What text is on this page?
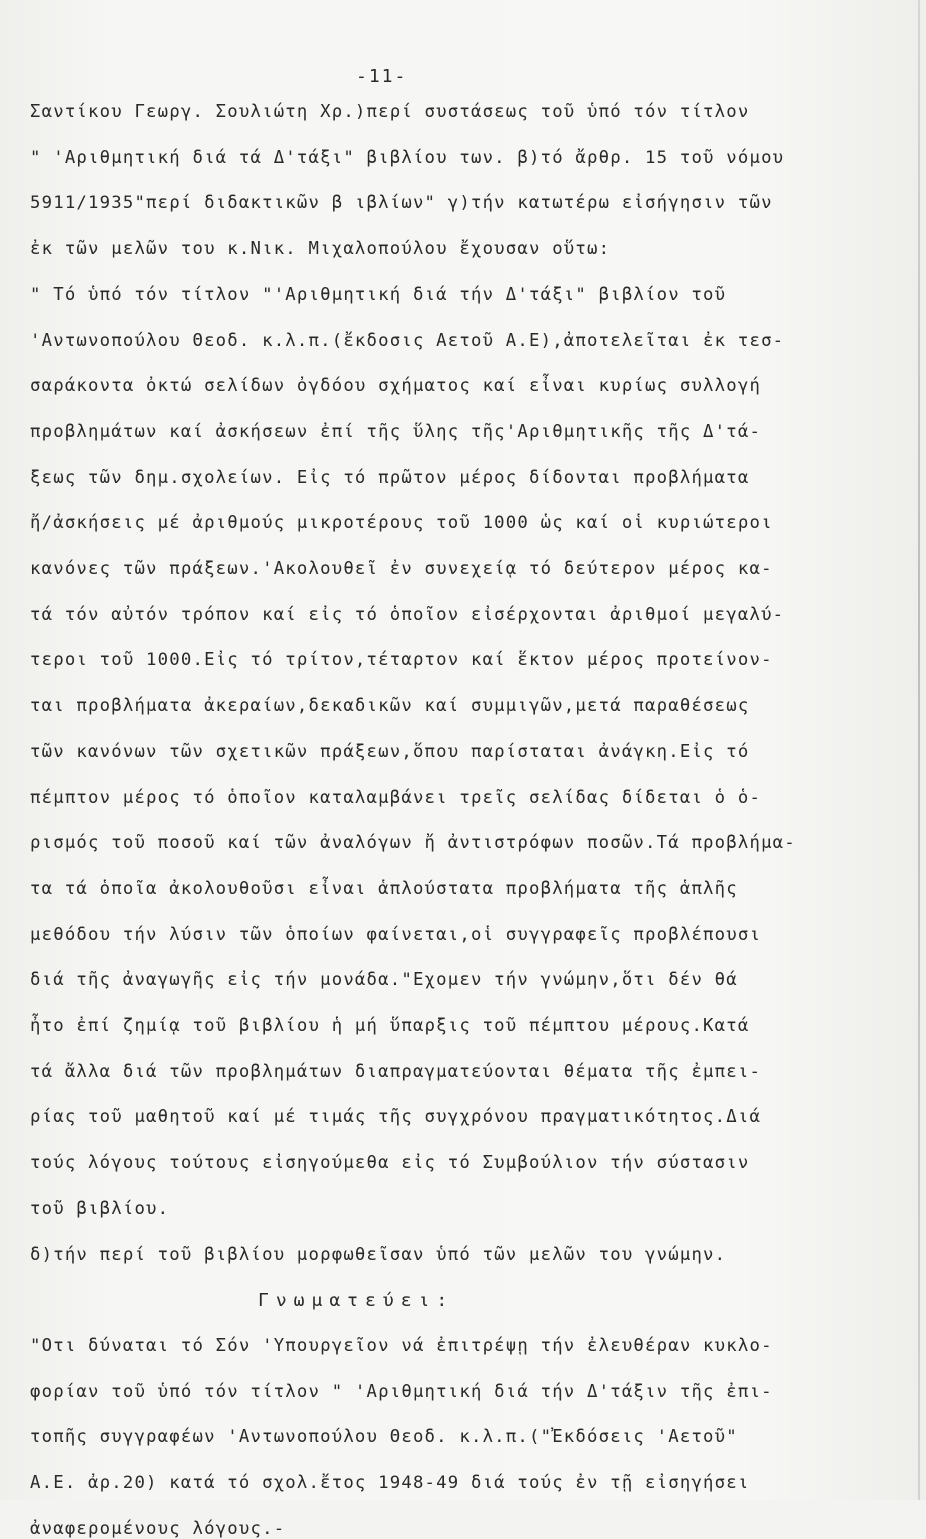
-11-
Σαντίκου Γεωργ. Σουλιώτη Χρ.)περί συστάσεως τοῦ ὑπό τόν τίτλον
" 'Αριθμητική διά τά Δ'τάξι" βιβλίου των. β)τό ἄρθρ. 15 τοῦ νόμου
5911/1935"περί διδακτικῶν β ιβλίων" γ)τήν κατωτέρω εἰσήγησιν τῶν
ἐκ τῶν μελῶν του κ.Νικ. Μιχαλοπούλου ἔχουσαν οὕτω:
" Τό ὑπό τόν τίτλον "'Αριθμητική διά τήν Δ'τάξι" βιβλίον τοῦ
'Αντωνοπούλου Θεοδ. κ.λ.π.(ἔκδοσις Αετοῦ Α.Ε),ἀποτελεῖται ἐκ τεσ-
σαράκοντα ὀκτώ σελίδων ὀγδόου σχήματος καί εἶναι κυρίως συλλογή
προβλημάτων καί ἀσκήσεων ἐπί τῆς ὕλης τῆς'Αριθμητικῆς τῆς Δ'τά-
ξεως τῶν δημ.σχολείων. Εἰς τό πρῶτον μέρος δίδονται προβλήματα
ἤ/ἀσκήσεις μέ ἀριθμούς μικροτέρους τοῦ 1000 ὡς καί οἱ κυριώτεροι
κανόνες τῶν πράξεων.'Ακολουθεῖ ἐν συνεχείᾳ τό δεύτερον μέρος κα-
τά τόν αὐτόν τρόπον καί εἰς τό ὁποῖον εἰσέρχονται ἀριθμοί μεγαλύ-
τεροι τοῦ 1000.Εἰς τό τρίτον,τέταρτον καί ἕκτον μέρος προτείνον-
ται προβλήματα ἀκεραίων,δεκαδικῶν καί συμμιγῶν,μετά παραθέσεως
τῶν κανόνων τῶν σχετικῶν πράξεων,ὅπου παρίσταται ἀνάγκη.Εἰς τό
πέμπτον μέρος τό ὁποῖον καταλαμβάνει τρεῖς σελίδας δίδεται ὁ ὁ-
ρισμός τοῦ ποσοῦ καί τῶν ἀναλόγων ἤ ἀντιστρόφων ποσῶν.Τά προβλήμα-
τα τά ὁποῖα ἀκολουθοῦσι εἶναι ἁπλούστατα προβλήματα τῆς ἁπλῆς
μεθόδου τήν λύσιν τῶν ὁποίων φαίνεται,οἱ συγγραφεῖς προβλέπουσι
διά τῆς ἀναγωγῆς εἰς τήν μονάδα."Εχομεν τήν γνώμην,ὅτι δέν θά
ἦτο ἐπί ζημίᾳ τοῦ βιβλίου ἡ μή ὕπαρξις τοῦ πέμπτου μέρους.Κατά
τά ἄλλα διά τῶν προβλημάτων διαπραγματεύονται θέματα τῆς ἐμπει-
ρίας τοῦ μαθητοῦ καί μέ τιμάς τῆς συγχρόνου πραγματικότητος.Διά
τούς λόγους τούτους εἰσηγούμεθα εἰς τό Συμβούλιον τήν σύστασιν
τοῦ βιβλίου.
δ)τήν περί τοῦ βιβλίου μορφωθεῖσαν ὑπό τῶν μελῶν του γνώμην.
Γνωματεύει:
"Οτι δύναται τό Σόν 'Υπουργεῖον νά ἐπιτρέψῃ τήν ἐλευθέραν κυκλο-
φορίαν τοῦ ὑπό τόν τίτλον " 'Αριθμητική διά τήν Δ'τάξιν τῆς ἐπι-
τοπῆς συγγραφέων 'Αντωνοπούλου Θεοδ. κ.λ.π.("Ἐκδόσεις 'Αετοῦ"
Α.Ε. ἀρ.20) κατά τό σχολ.ἔτος 1948-49 διά τούς ἐν τῇ εἰσηγήσει
ἀναφερομένους λόγους.-
